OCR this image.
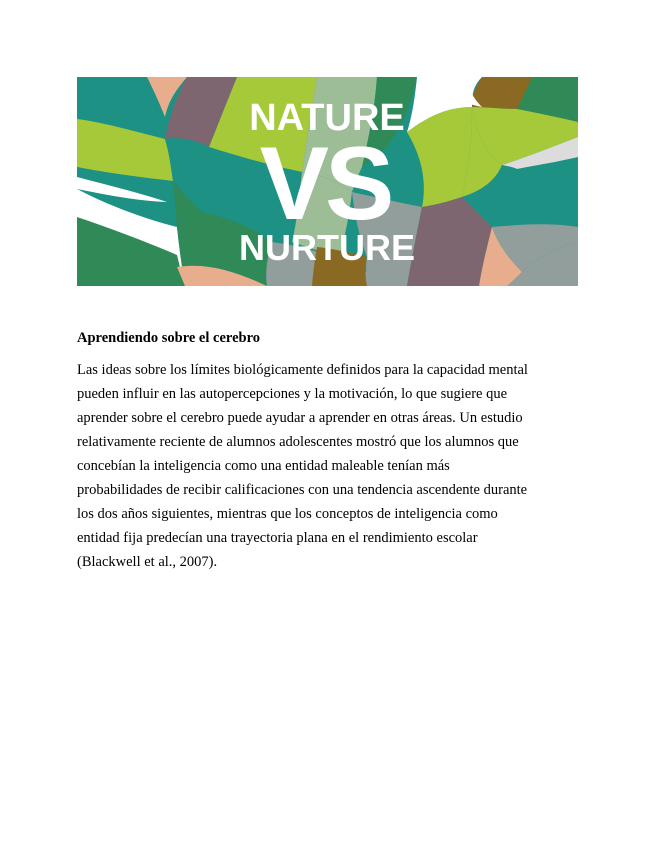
NATURE
VS
NURTURE
Aprendiendo sobre el cerebro

Las ideas sobre los límites biológicamente definidos para la capacidad mental
pueden influir en las autopercepciones y la motivación, lo que sugiere que
aprender sobre el cerebro puede ayudar a aprender en otras áreas. Un estudio
relativamente reciente de alumnos adolescentes mostró que los alumnos que
concebían la inteligencia como una entidad maleable tenían más
probabilidades de recibir calificaciones con una tendencia ascendente durante
los dos años siguientes, mientras que los conceptos de inteligencia como
entidad fija predecían una trayectoria plana en el rendimiento escolar
(Blackwell et al., 2007).
